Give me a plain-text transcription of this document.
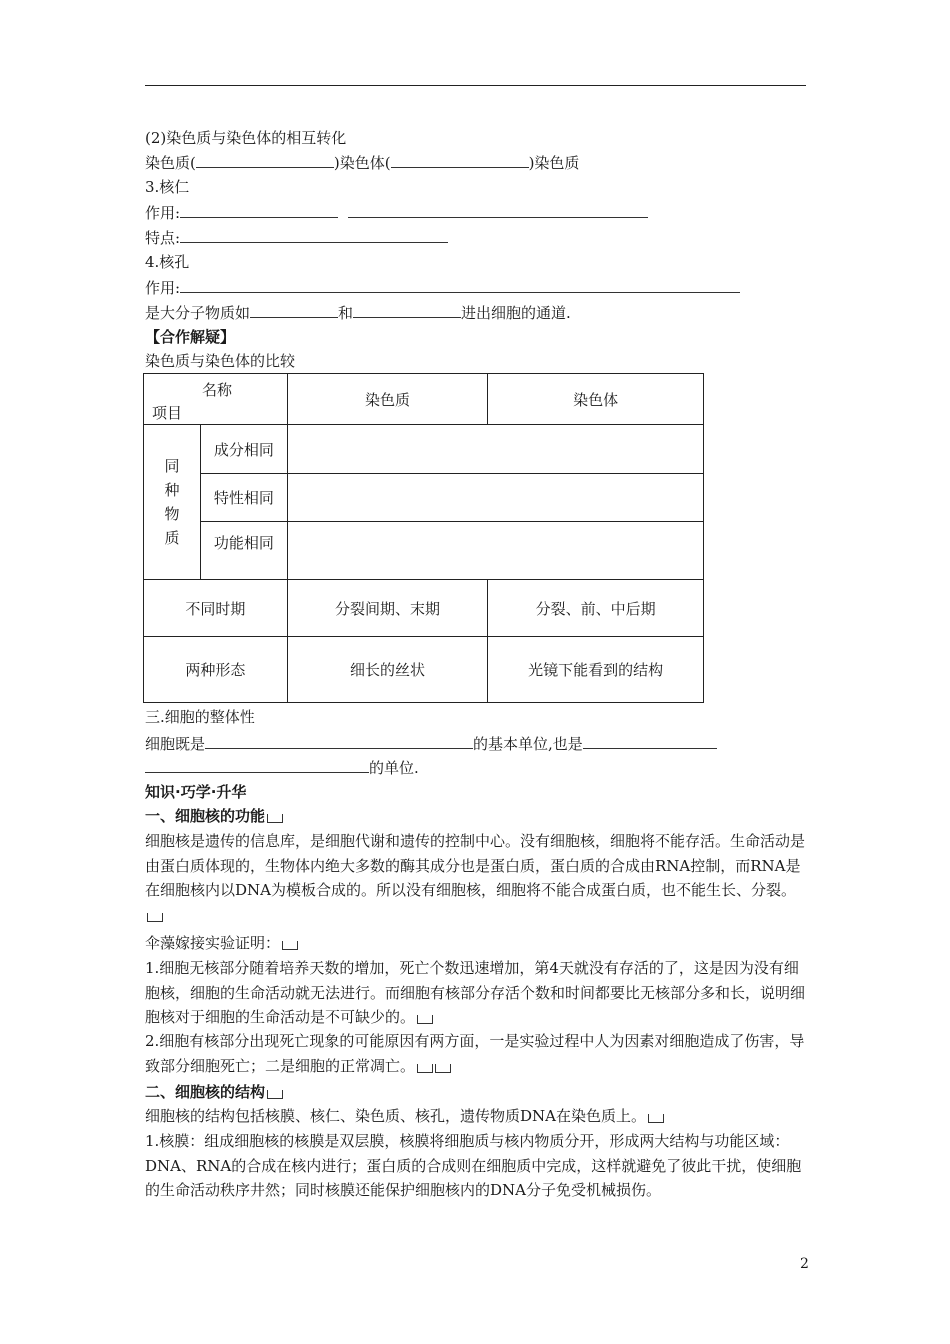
(2)染色质与染色体的相互转化
染色质(	)染色体(	)染色质
3.核仁
作用:
特点:
4.核孔
作用:
是大分子物质如	和	进出细胞的通道.
【合作解疑】
染色质与染色体的比较
名称
项目		染色质	染色体

同
种
物
质	成分相同		
	特性相同		
	功能相同		
不同时期		分裂间期、末期	分裂、前、中后期
两种形态		细长的丝状	光镜下能看到的结构
三.细胞的整体性
细胞既是	的基本单位,也是
的单位.
知识·巧学·升华
一、细胞核的功能
细胞核是遗传的信息库，是细胞代谢和遗传的控制中心。没有细胞核，细胞将不能存活。生命活动是由蛋白质体现的，生物体内绝大多数的酶其成分也是蛋白质，蛋白质的合成由RNA控制，而RNA是在细胞核内以DNA为模板合成的。所以没有细胞核，细胞将不能合成蛋白质，也不能生长、分裂。
伞藻嫁接实验证明：
1.细胞无核部分随着培养天数的增加，死亡个数迅速增加，第4天就没有存活的了，这是因为没有细胞核，细胞的生命活动就无法进行。而细胞有核部分存活个数和时间都要比无核部分多和长，说明细胞核对于细胞的生命活动是不可缺少的。
2.细胞有核部分出现死亡现象的可能原因有两方面，一是实验过程中人为因素对细胞造成了伤害，导致部分细胞死亡；二是细胞的正常凋亡。
二、细胞核的结构
细胞核的结构包括核膜、核仁、染色质、核孔，遗传物质DNA在染色质上。
1.核膜：组成细胞核的核膜是双层膜，核膜将细胞质与核内物质分开，形成两大结构与功能区域：DNA、RNA的合成在核内进行；蛋白质的合成则在细胞质中完成，这样就避免了彼此干扰，使细胞的生命活动秩序井然；同时核膜还能保护细胞核内的DNA分子免受机械损伤。
2
